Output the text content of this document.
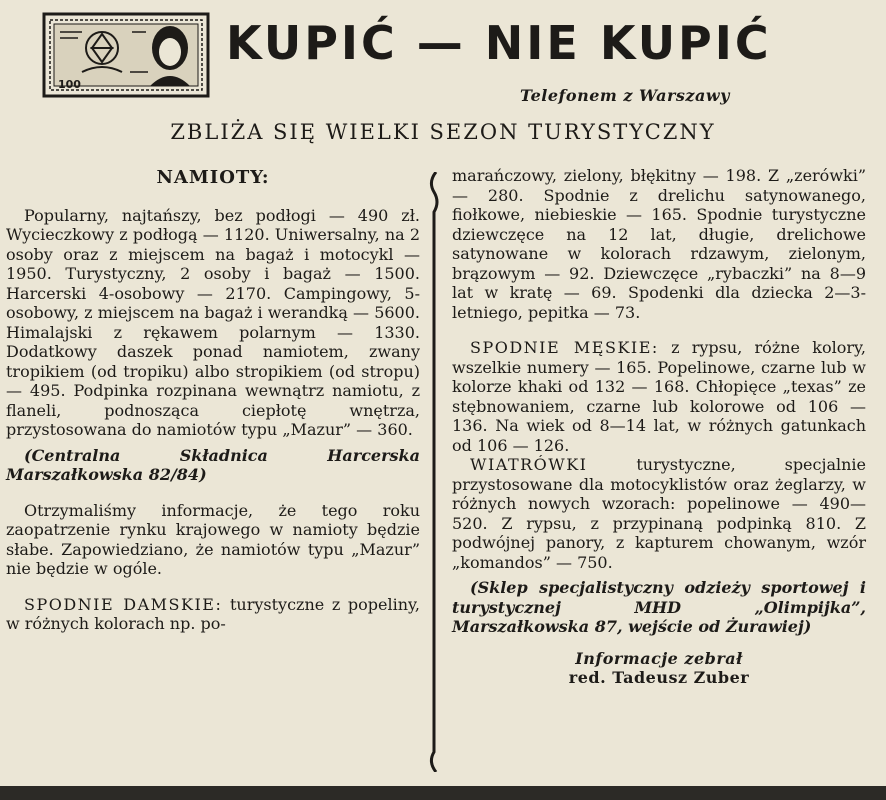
100
KUPIĆ — NIE KUPIĆ
Telefonem z Warszawy
ZBLIŻA SIĘ WIELKI SEZON TURYSTYCZNY
NAMIOTY:

Popularny, najtańszy, bez podłogi — 490 zł. Wycieczkowy z podłogą — 1120. Uniwersalny, na 2 osoby oraz z miejscem na bagaż i motocykl — 1950. Turystyczny, 2 osoby i bagaż — 1500. Harcerski 4-osobowy — 2170. Campingowy, 5-osobowy, z miejscem na bagaż i werandką — 5600. Himalajski z rękawem polarnym — 1330. Dodatkowy daszek ponad namiotem, zwany tropikiem (od tropiku) albo stropikiem (od stropu) — 495. Podpinka rozpinana wewnątrz namiotu, z flaneli, podnosząca ciepłotę wnętrza, przystosowana do namiotów typu „Mazur” — 360.

(Centralna Składnica Harcerska Marszałkowska 82/84)

Otrzymaliśmy informacje, że tego roku zaopatrzenie rynku krajowego w namioty będzie słabe. Zapowiedziano, że namiotów typu „Mazur” nie będzie w ogóle.

SPODNIE DAMSKIE: turystyczne z popeliny, w różnych kolorach np. po-

marańczowy, zielony, błękitny — 198. Z „zerówki” — 280. Spodnie z drelichu satynowanego, fiołkowe, niebieskie — 165. Spodnie turystyczne dziewczęce na 12 lat, długie, drelichowe satynowane w kolorach rdzawym, zielonym, brązowym — 92. Dziewczęce „rybaczki” na 8—9 lat w kratę — 69. Spodenki dla dziecka 2—3-letniego, pepitka — 73.

SPODNIE MĘSKIE: z rypsu, różne kolory, wszelkie numery — 165. Popelinowe, czarne lub w kolorze khaki od 132 — 168. Chłopięce „texas” ze stębnowaniem, czarne lub kolorowe od 106 — 136. Na wiek od 8—14 lat, w różnych gatunkach od 106 — 126.

WIATRÓWKI	turystyczne, specjalnie przystosowane dla motocyklistów oraz żeglarzy, w różnych nowych wzorach: popelinowe — 490—520. Z rypsu, z przypinaną podpinką 810. Z podwójnej panory, z kapturem chowanym, wzór „komandos” — 750.

(Sklep specjalistyczny odzieży sportowej i turystycznej MHD „Olimpijka”, Marszałkowska 87, wejście od Żurawiej)

Informacje zebrał
red. Tadeusz Zuber
